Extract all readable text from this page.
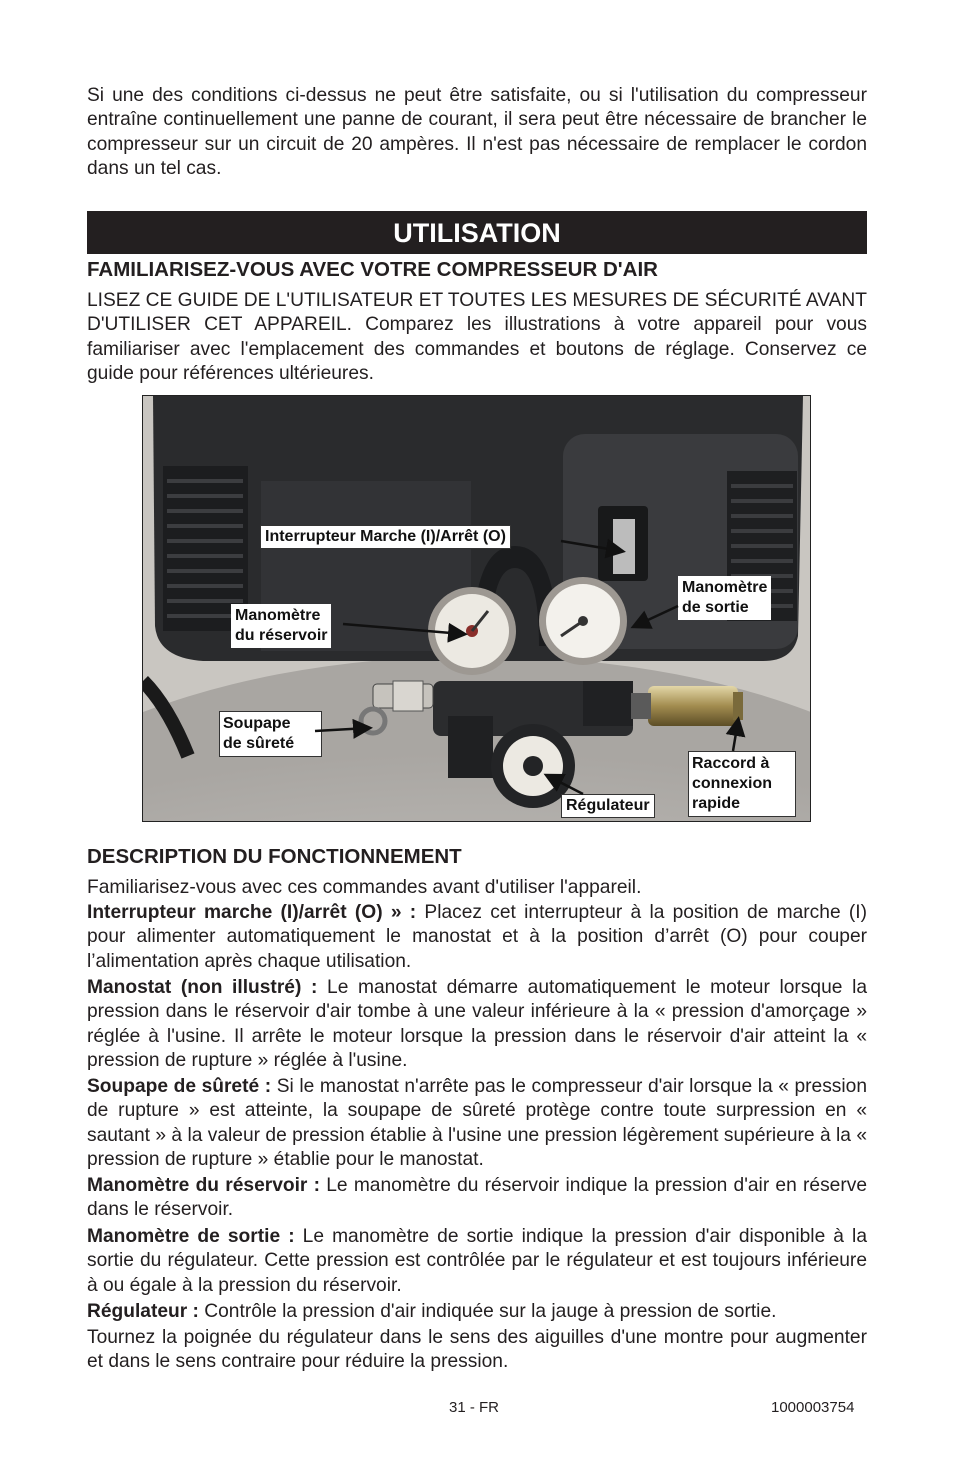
Si une des conditions ci-dessus ne peut être satisfaite, ou si l'utilisation du compresseur entraîne continuellement une panne de courant, il sera peut être nécessaire de brancher le compresseur sur un circuit de 20 ampères. Il n'est pas nécessaire de remplacer le cordon dans un tel cas.

UTILISATION
FAMILIARISEZ-VOUS AVEC VOTRE COMPRESSEUR D'AIR

LISEZ CE GUIDE DE L'UTILISATEUR ET TOUTES LES MESURES DE SÉCURITÉ AVANT D'UTILISER CET APPAREIL. Comparez les illustrations à votre appareil pour vous familiariser avec l'emplacement des commandes et boutons de réglage. Conservez ce guide pour références ultérieures.

Interrupteur Marche (I)/Arrêt (O)
Manomètre
du réservoir
Manomètre
de sortie
Soupape
de sûreté
Raccord à
connexion
rapide
Régulateur
DESCRIPTION DU FONCTIONNEMENT

Familiarisez-vous avec ces commandes avant d'utiliser l'appareil.

Interrupteur marche (I)/arrêt (O) » : Placez cet interrupteur à la position de marche (I) pour alimenter automatiquement le manostat et à la position d’arrêt (O) pour couper l’alimentation après chaque utilisation.

Manostat (non illustré) : Le manostat démarre automatiquement le moteur lorsque la pression dans le réservoir d'air tombe à une valeur inférieure à la « pression d'amorçage » réglée à l'usine. Il arrête le moteur lorsque la pression dans le réservoir d'air atteint la « pression de rupture » réglée à l'usine.

Soupape de sûreté : Si le manostat n'arrête pas le compresseur d'air lorsque la « pression de rupture » est atteinte, la soupape de sûreté protège contre toute surpression en « sautant » à la valeur de pression établie à l'usine une pression légèrement supérieure à la « pression de rupture » établie pour le manostat.

Manomètre du réservoir : Le manomètre du réservoir indique la pression d'air en réserve dans le réservoir.

Manomètre de sortie : Le manomètre de sortie indique la pression d'air disponible à la sortie du régulateur. Cette pression est contrôlée par le régulateur et est toujours inférieure à ou égale à la pression du réservoir.

Régulateur : Contrôle la pression d'air indiquée sur la jauge à pression de sortie.

Tournez la poignée du régulateur dans le sens des aiguilles d'une montre pour augmenter et dans le sens contraire pour réduire la pression.

31 - FR	1000003754
